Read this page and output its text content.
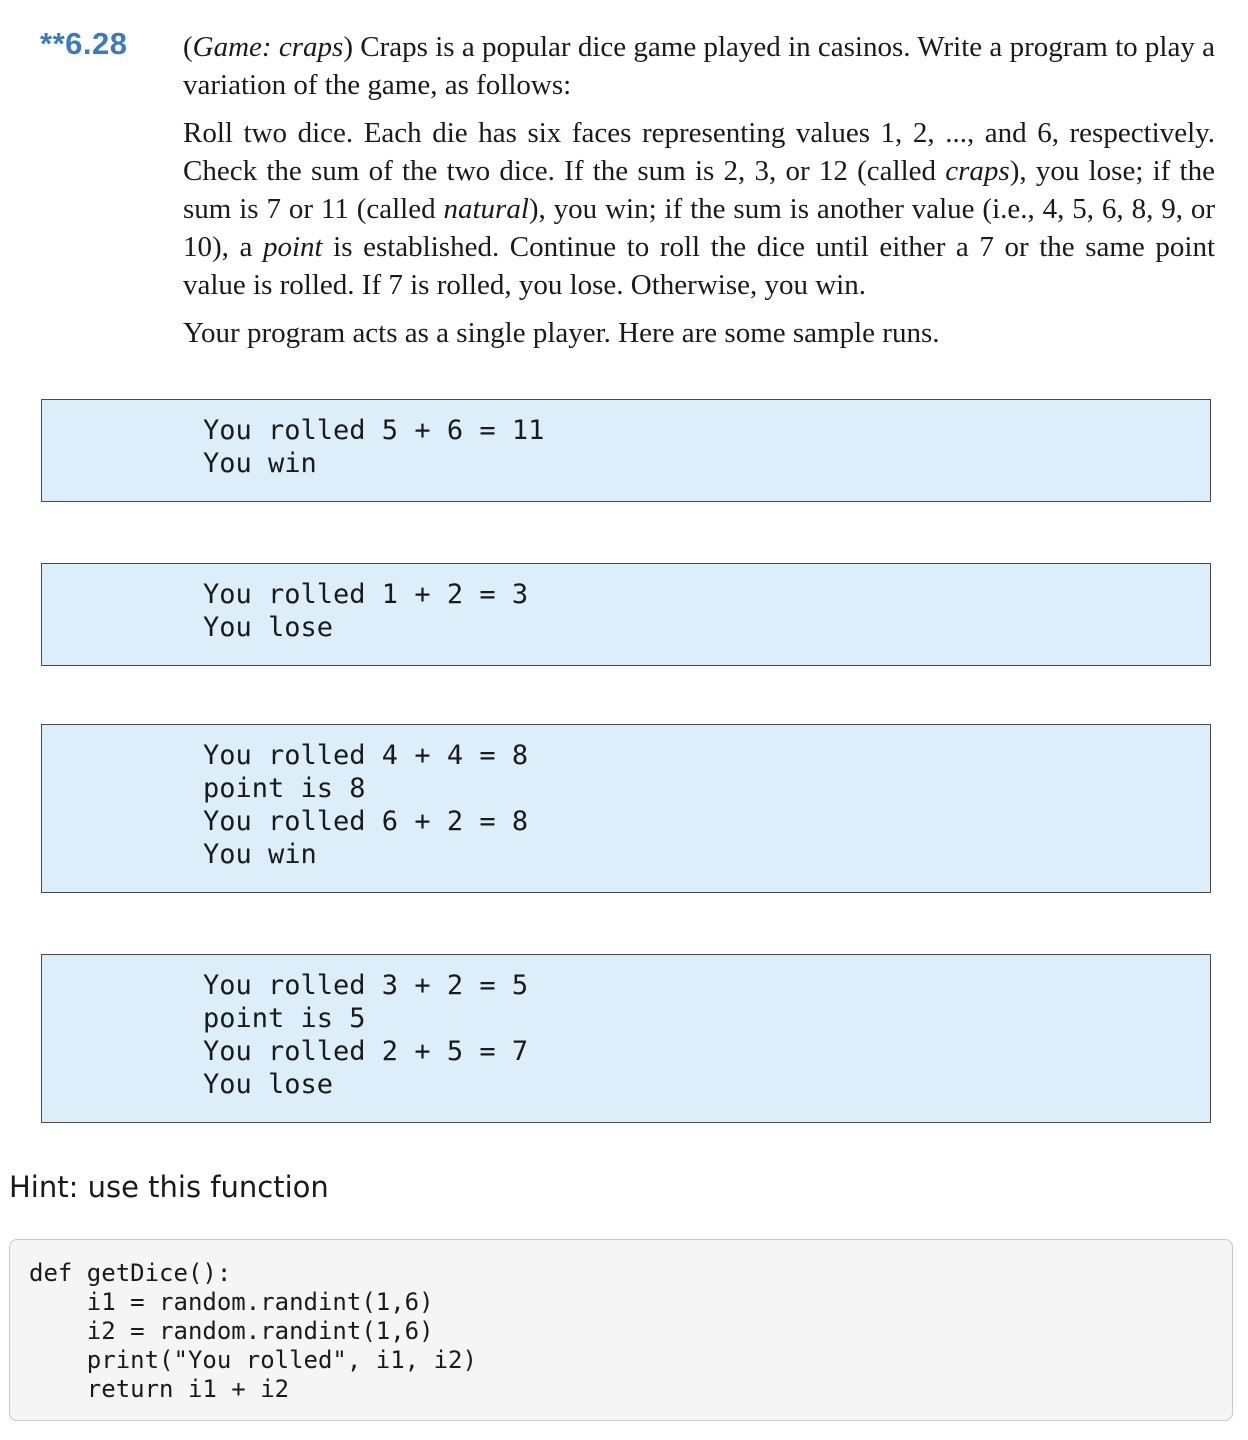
**6.28 (Game: craps) Craps is a popular dice game played in casinos. Write a program to play a variation of the game, as follows:

Roll two dice. Each die has six faces representing values 1, 2, ..., and 6, respectively. Check the sum of the two dice. If the sum is 2, 3, or 12 (called craps), you lose; if the sum is 7 or 11 (called natural), you win; if the sum is another value (i.e., 4, 5, 6, 8, 9, or 10), a point is established. Continue to roll the dice until either a 7 or the same point value is rolled. If 7 is rolled, you lose. Otherwise, you win.

Your program acts as a single player. Here are some sample runs.

You rolled 5 + 6 = 11
You win
You rolled 1 + 2 = 3
You lose
You rolled 4 + 4 = 8
point is 8
You rolled 6 + 2 = 8
You win
You rolled 3 + 2 = 5
point is 5
You rolled 2 + 5 = 7
You lose
Hint: use this function
def getDice():
i1 = random.randint(1,6)
i2 = random.randint(1,6)
print("You rolled", i1, i2)
return i1 + i2
